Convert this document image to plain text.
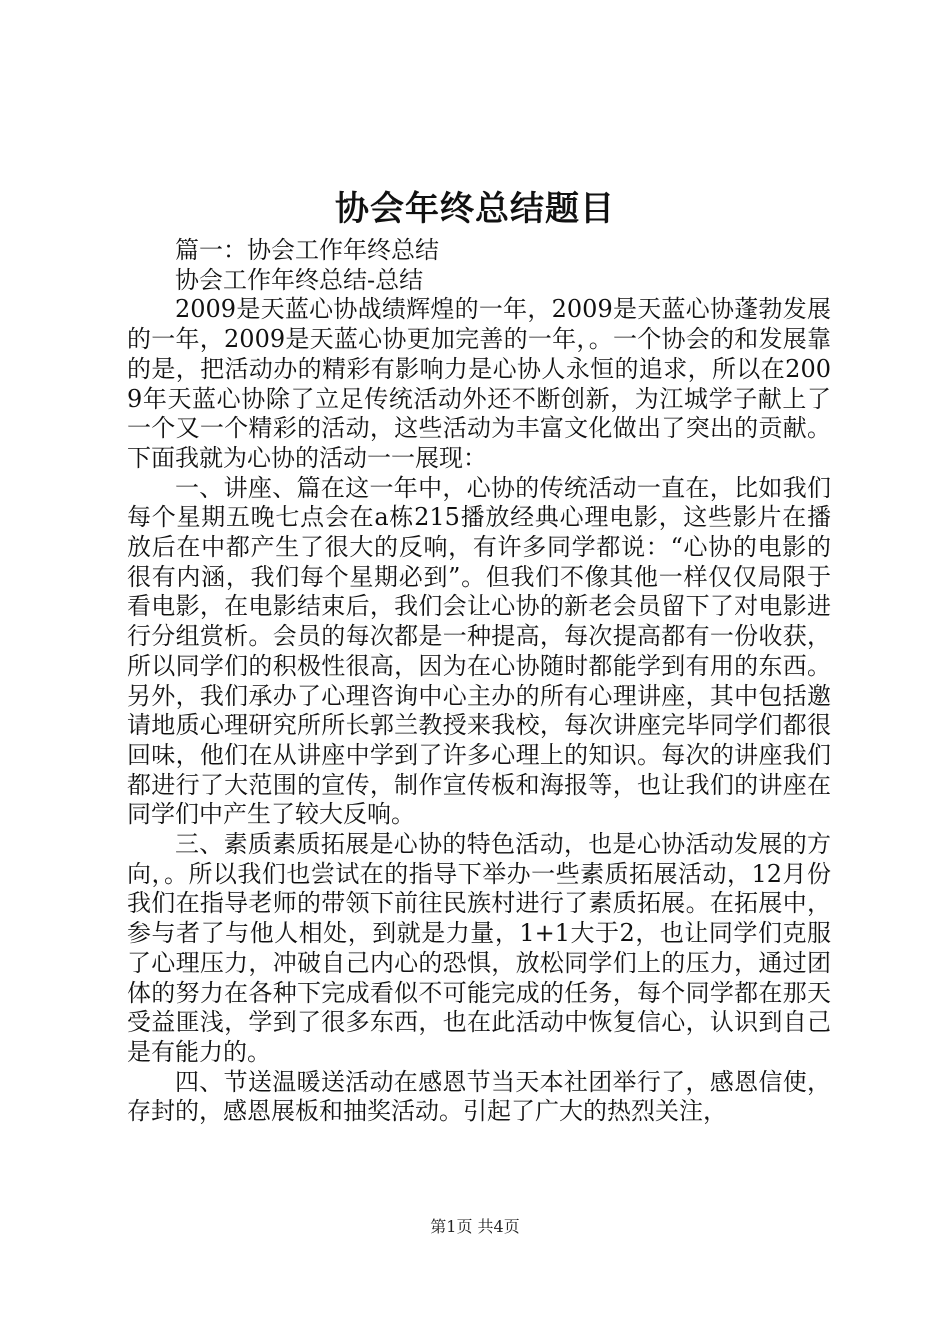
协会年终总结题目

篇一：协会工作年终总结

协会工作年终总结-总结

2009是天蓝心协战绩辉煌的一年，2009是天蓝心协蓬勃发展的一年，2009是天蓝心协更加完善的一年，。一个协会的和发展靠的是，把活动办的精彩有影响力是心协人永恒的追求，所以在2009年天蓝心协除了立足传统活动外还不断创新，为江城学子献上了一个又一个精彩的活动，这些活动为丰富文化做出了突出的贡献。下面我就为心协的活动一一展现：

一、讲座、篇在这一年中，心协的传统活动一直在，比如我们每个星期五晚七点会在a栋215播放经典心理电影，这些影片在播放后在中都产生了很大的反响，有许多同学都说：“心协的电影的很有内涵，我们每个星期必到”。但我们不像其他一样仅仅局限于看电影，在电影结束后，我们会让心协的新老会员留下了对电影进行分组赏析。会员的每次都是一种提高，每次提高都有一份收获，所以同学们的积极性很高，因为在心协随时都能学到有用的东西。另外，我们承办了心理咨询中心主办的所有心理讲座，其中包括邀请地质心理研究所所长郭兰教授来我校，每次讲座完毕同学们都很回味，他们在从讲座中学到了许多心理上的知识。每次的讲座我们都进行了大范围的宣传，制作宣传板和海报等，也让我们的讲座在同学们中产生了较大反响。

三、素质素质拓展是心协的特色活动，也是心协活动发展的方向，。所以我们也尝试在的指导下举办一些素质拓展活动，12月份我们在指导老师的带领下前往民族村进行了素质拓展。在拓展中，参与者了与他人相处，到就是力量，1+1大于2，也让同学们克服了心理压力，冲破自己内心的恐惧，放松同学们上的压力，通过团体的努力在各种下完成看似不可能完成的任务，每个同学都在那天受益匪浅，学到了很多东西，也在此活动中恢复信心，认识到自己是有能力的。

四、节送温暖送活动在感恩节当天本社团举行了，感恩信使，存封的，感恩展板和抽奖活动。引起了广大的热烈关注，

第1页 共4页
